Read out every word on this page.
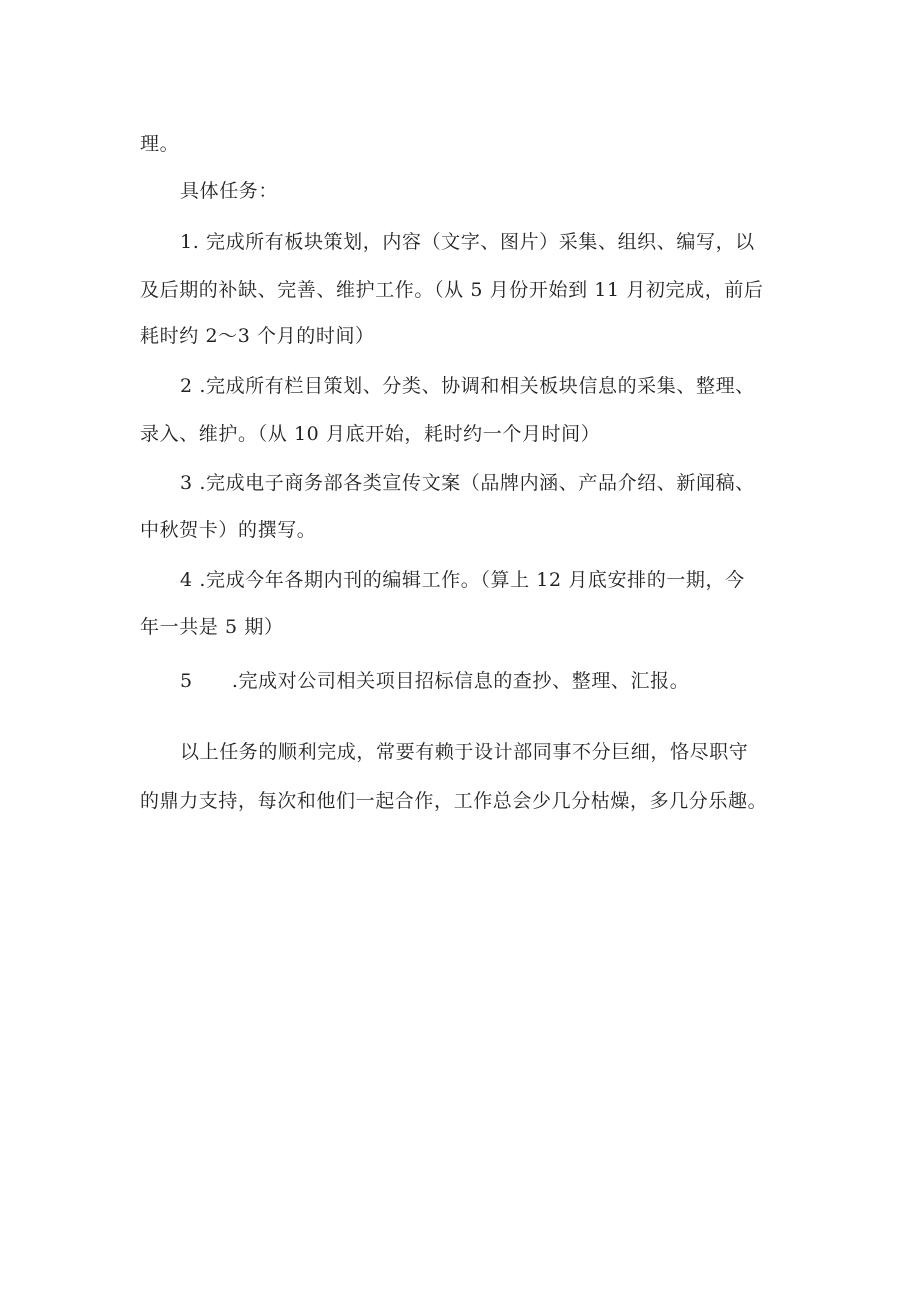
理。

具体任务：

1. 完成所有板块策划，内容（文字、图片）采集、组织、编写，以

及后期的补缺、完善、维护工作。（从 5 月份开始到 11 月初完成，前后

耗时约 2～3 个月的时间）

2 .完成所有栏目策划、分类、协调和相关板块信息的采集、整理、

录入、维护。（从 10 月底开始，耗时约一个月时间）

3 .完成电子商务部各类宣传文案（品牌内涵、产品介绍、新闻稿、

中秋贺卡）的撰写。

4 .完成今年各期内刊的编辑工作。（算上 12 月底安排的一期，今

年一共是 5 期）

5　　.完成对公司相关项目招标信息的查抄、整理、汇报。

以上任务的顺利完成，常要有赖于设计部同事不分巨细，恪尽职守

的鼎力支持，每次和他们一起合作，工作总会少几分枯燥，多几分乐趣。
